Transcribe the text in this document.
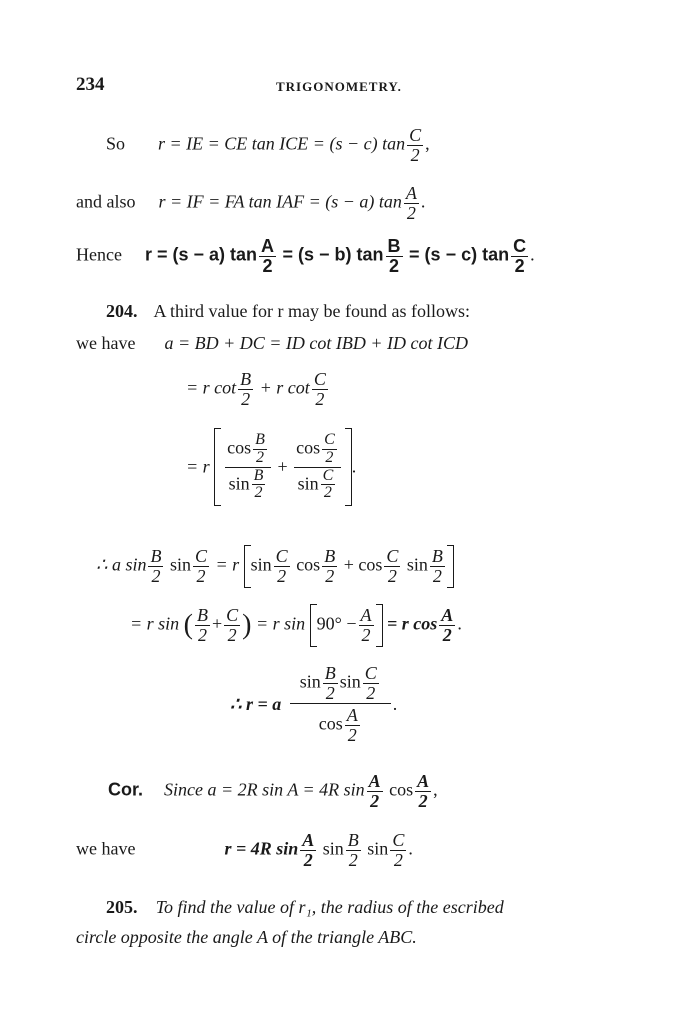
234	TRIGONOMETRY.
So r = IE = CE tan ICE = (s − c) $\tan \frac{C}{2}$ ,
and also r = IF = FA tan IAF = (s − a) $\tan \frac{A}{2}$ .
Hence r = (s − a) $\tan \frac{A}{2} = (s - b)$ $\tan \frac{B}{2} = (s - c)$ $\tan \frac{C}{2}$ .
204. A third value for r may be found as follows:
we have a = BD + DC = ID cot IBD + ID cot ICD
= r $\cot \frac{B}{2} + r$ $\cot \frac{C}{2}$
= r $\frac{\cos \frac{B}{2}}{\sin \frac{B}{2}} + \frac{\cos \frac{C}{2}}{\sin \frac{C}{2}}$ .
∴ a $\sin \frac{B}{2}$ $\sin \frac{C}{2} = r$ $\sin \frac{C}{2}$ $\cos \frac{B}{2} + \cos \frac{C}{2}$ $\sin \frac{B}{2}$
= r sin ( $\frac{B}{2} + \frac{C}{2}$ ) = r $\sin 90^\circ - \frac{A}{2} = r$ $\cos \frac{A}{2}$ .
∴ r = a $\frac{\sin \frac{B}{2} \sin \frac{C}{2}}{\cos \frac{A}{2}}$ .
Cor. Since a = 2R sin A = 4R $\sin \frac{A}{2}$ $\cos \frac{A}{2}$ ,
we have	r = 4R $\sin \frac{A}{2}$ $\sin \frac{B}{2}$ $\sin \frac{C}{2}$ .
205. To find the value of r₁, the radius of the escribed
circle opposite the angle A of the triangle ABC.
